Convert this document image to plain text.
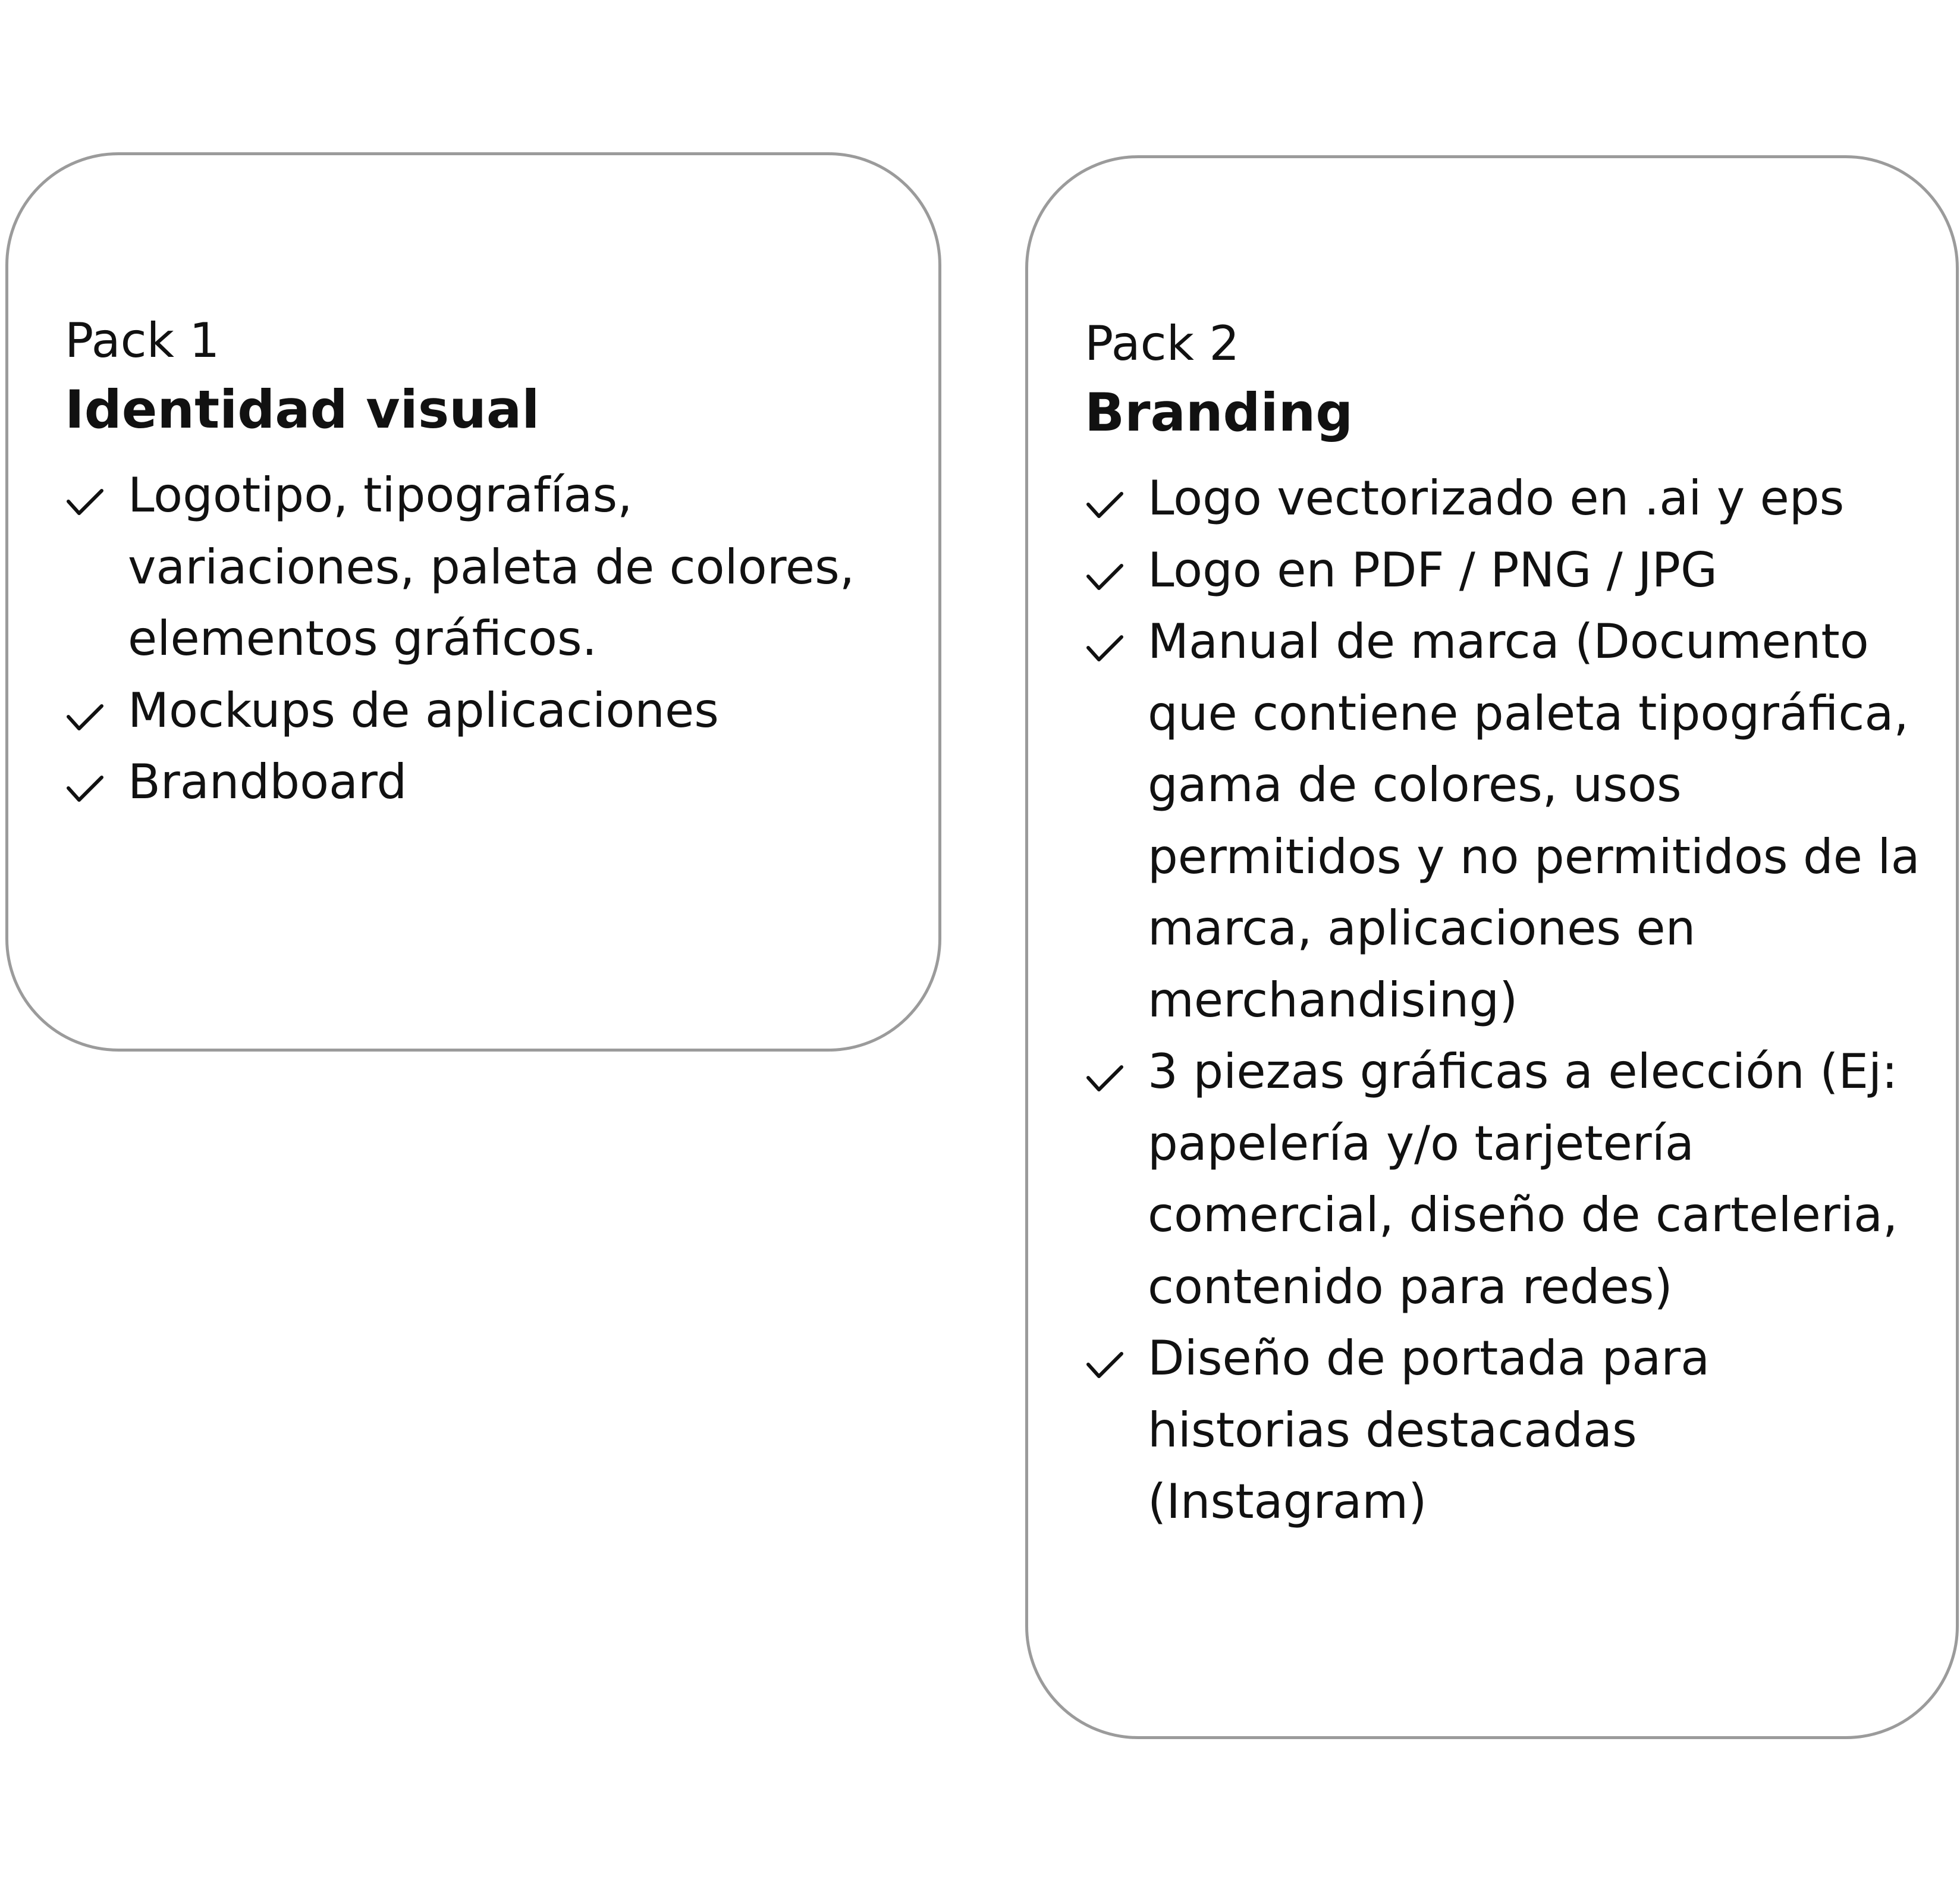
Pack 1

Identidad visual
Logotipo, tipografías, variaciones, paleta de colores, elementos gráficos.
Mockups de aplicaciones
Brandboard

Pack 2

Branding
Logo vectorizado en .ai y eps
Logo en PDF / PNG / JPG
Manual de marca (Documento que contiene paleta tipográfica, gama de colores, usos permitidos y no permitidos de la marca, aplicaciones en merchandising)
3 piezas gráficas a elección (Ej: papelería y/o tarjetería comercial, diseño de carteleria, contenido para redes)
Diseño de portada para historias destacadas (Instagram)
